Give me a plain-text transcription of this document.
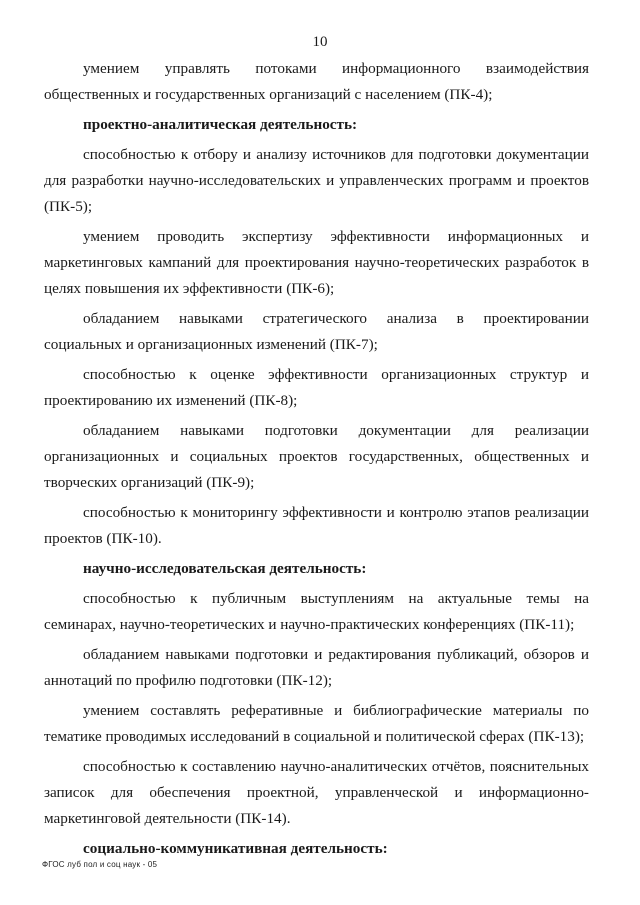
10

умением управлять потоками информационного взаимодействия общественных и государственных организаций с населением (ПК-4);

проектно-аналитическая деятельность:

способностью к отбору и анализу источников для подготовки документации для разработки научно-исследовательских и управленческих программ и проектов (ПК-5);

умением проводить экспертизу эффективности информационных и маркетинговых кампаний для проектирования научно-теоретических разработок в целях повышения их эффективности (ПК-6);

обладанием навыками стратегического анализа в проектировании социальных и организационных изменений (ПК-7);

способностью к оценке эффективности организационных структур и проектированию их изменений (ПК-8);

обладанием навыками подготовки документации для реализации организационных и социальных проектов государственных, общественных и творческих организаций (ПК-9);

способностью к мониторингу эффективности и контролю этапов реализации проектов (ПК-10).

научно-исследовательская деятельность:

способностью к публичным выступлениям на актуальные темы на семинарах, научно-теоретических и научно-практических конференциях (ПК-11);

обладанием навыками подготовки и редактирования публикаций, обзоров и аннотаций по профилю подготовки (ПК-12);

умением составлять реферативные и библиографические материалы по тематике проводимых исследований в социальной и политической сферах (ПК-13);

способностью к составлению научно-аналитических отчётов, пояснительных записок для обеспечения проектной, управленческой и информационно-маркетинговой деятельности (ПК-14).

социально-коммуникативная деятельность:

ФГОС луб пол и соц наук - 05
